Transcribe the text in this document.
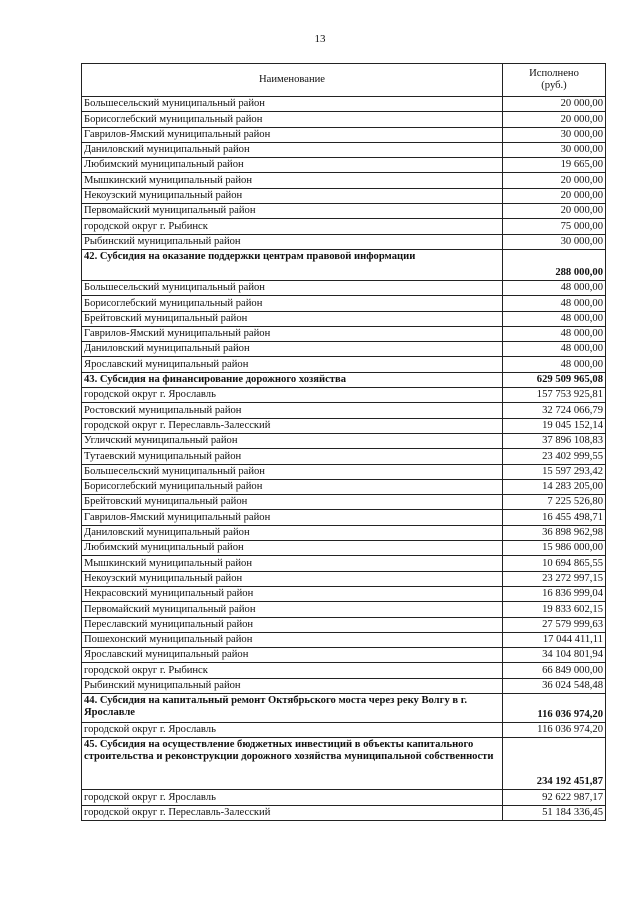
13
Наименование	Исполнено
(руб.)
Большесельский муниципальный район	20 000,00
Борисоглебский муниципальный район	20 000,00
Гаврилов-Ямский муниципальный район	30 000,00
Даниловский муниципальный район	30 000,00
Любимский муниципальный район	19 665,00
Мышкинский муниципальный район	20 000,00
Некоузский муниципальный район	20 000,00
Первомайский муниципальный район	20 000,00
городской округ г. Рыбинск	75 000,00
Рыбинский муниципальный район	30 000,00
42. Субсидия на оказание поддержки центрам правовой информации	288 000,00
Большесельский муниципальный район	48 000,00
Борисоглебский муниципальный район	48 000,00
Брейтовский муниципальный район	48 000,00
Гаврилов-Ямский муниципальный район	48 000,00
Даниловский муниципальный район	48 000,00
Ярославский муниципальный район	48 000,00
43. Субсидия на финансирование дорожного хозяйства	629 509 965,08
городской округ г. Ярославль	157 753 925,81
Ростовский муниципальный район	32 724 066,79
городской округ г. Переславль-Залесский	19 045 152,14
Угличский муниципальный район	37 896 108,83
Тутаевский муниципальный район	23 402 999,55
Большесельский муниципальный район	15 597 293,42
Борисоглебский муниципальный район	14 283 205,00
Брейтовский муниципальный район	7 225 526,80
Гаврилов-Ямский муниципальный район	16 455 498,71
Даниловский муниципальный район	36 898 962,98
Любимский муниципальный район	15 986 000,00
Мышкинский муниципальный район	10 694 865,55
Некоузский муниципальный район	23 272 997,15
Некрасовский муниципальный район	16 836 999,04
Первомайский муниципальный район	19 833 602,15
Переславский муниципальный район	27 579 999,63
Пошехонский муниципальный район	17 044 411,11
Ярославский муниципальный район	34 104 801,94
городской округ г. Рыбинск	66 849 000,00
Рыбинский муниципальный район	36 024 548,48
44. Субсидия на капитальный ремонт Октябрьского моста через реку Волгу в г. Ярославле	116 036 974,20
городской округ г. Ярославль	116 036 974,20
45. Субсидия на осуществление бюджетных инвестиций в объекты капитального строительства и реконструкции дорожного хозяйства муниципальной собственности	234 192 451,87
городской округ г. Ярославль	92 622 987,17
городской округ г. Переславль-Залесский	51 184 336,45
